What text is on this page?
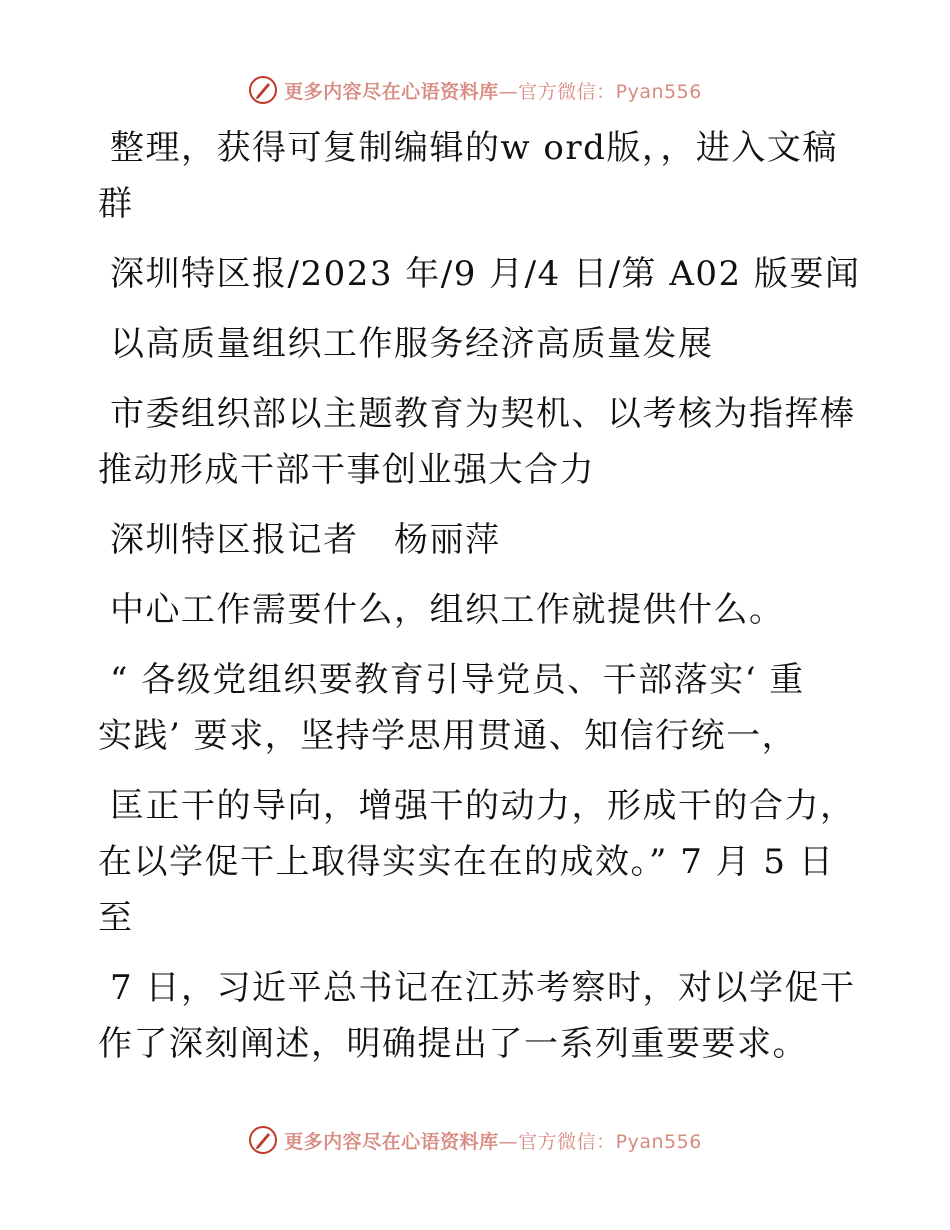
更多内容尽在心语资料库—官方微信：Pyan556
整理，获得可复制编辑的w ord版，，进入文稿
群
深圳特区报/2023 年/9 月/4 日/第 A02 版要闻
以高质量组织工作服务经济高质量发展
市委组织部以主题教育为契机、以考核为指挥棒
推动形成干部干事创业强大合力
深圳特区报记者　杨丽萍
中心工作需要什么，组织工作就提供什么。
“ 各级党组织要教育引导党员、干部落实‘ 重
实践’ 要求，坚持学思用贯通、知信行统一，
匡正干的导向，增强干的动力，形成干的合力，
在以学促干上取得实实在在的成效。” 7 月 5 日
至
7 日，习近平总书记在江苏考察时，对以学促干
作了深刻阐述，明确提出了一系列重要要求。
更多内容尽在心语资料库—官方微信：Pyan556
